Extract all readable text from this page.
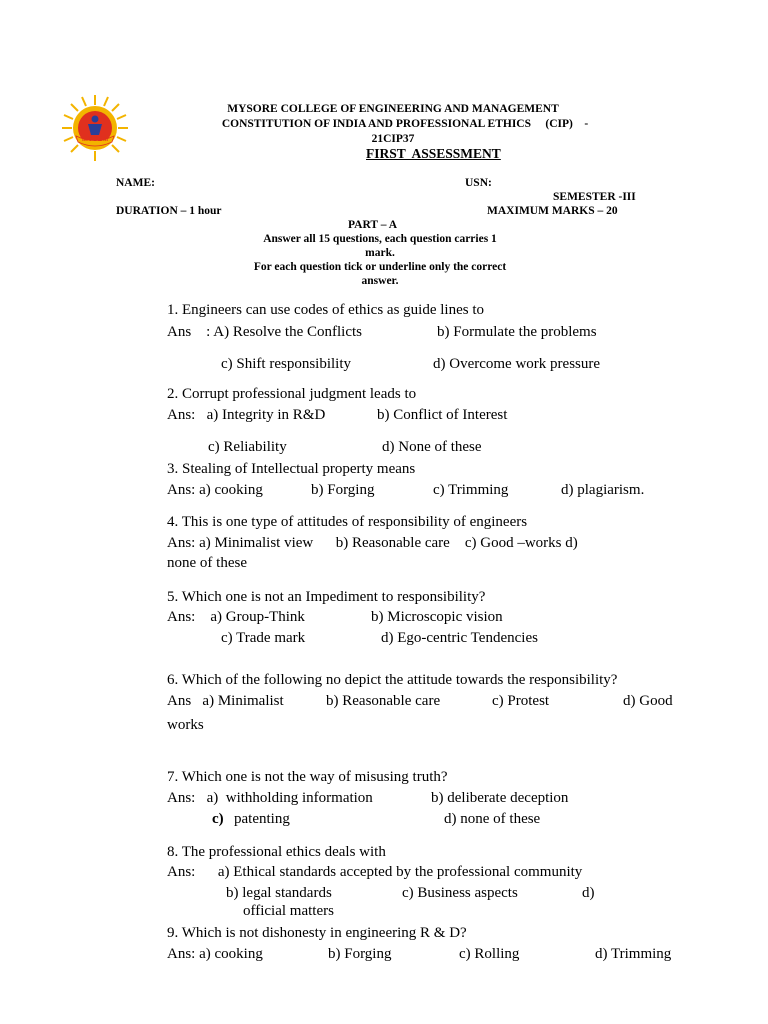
MYCEM
MYSORE COLLEGE OF ENGINEERING AND MANAGEMENT
CONSTITUTION OF INDIA AND PROFESSIONAL ETHICS     (CIP)    -
21CIP37
FIRST  ASSESSMENT
NAME:	USN:
SEMESTER -III
DURATION – 1 hour	MAXIMUM MARKS – 20
PART – A
Answer all 15 questions, each question carries 1
mark.
For each question tick or underline only the correct
answer.
1. Engineers can use codes of ethics as guide lines to
Ans    : A) Resolve the Conflicts	b) Formulate the problems
c) Shift responsibility	d) Overcome work pressure
2. Corrupt professional judgment leads to
Ans:   a) Integrity in R&D	b) Conflict of Interest
c) Reliability	d) None of these
3. Stealing of Intellectual property means
Ans: a) cooking	b) Forging	c) Trimming	d) plagiarism.
4. This is one type of attitudes of responsibility of engineers
Ans: a) Minimalist view      b) Reasonable care    c) Good –works d)
none of these
5. Which one is not an Impediment to responsibility?
Ans:    a) Group-Think	b) Microscopic vision
c) Trade mark	d) Ego-centric Tendencies
6. Which of the following no depict the attitude towards the responsibility?
Ans   a) Minimalist	b) Reasonable care	c) Protest	d) Good
works
7. Which one is not the way of misusing truth?
Ans:   a)  withholding information	b) deliberate deception
c) patenting	d) none of these
8. The professional ethics deals with
Ans:      a) Ethical standards accepted by the professional community
b) legal standards	c) Business aspects	d)
official matters
9. Which is not dishonesty in engineering R & D?
Ans: a) cooking	b) Forging	c) Rolling	d) Trimming
